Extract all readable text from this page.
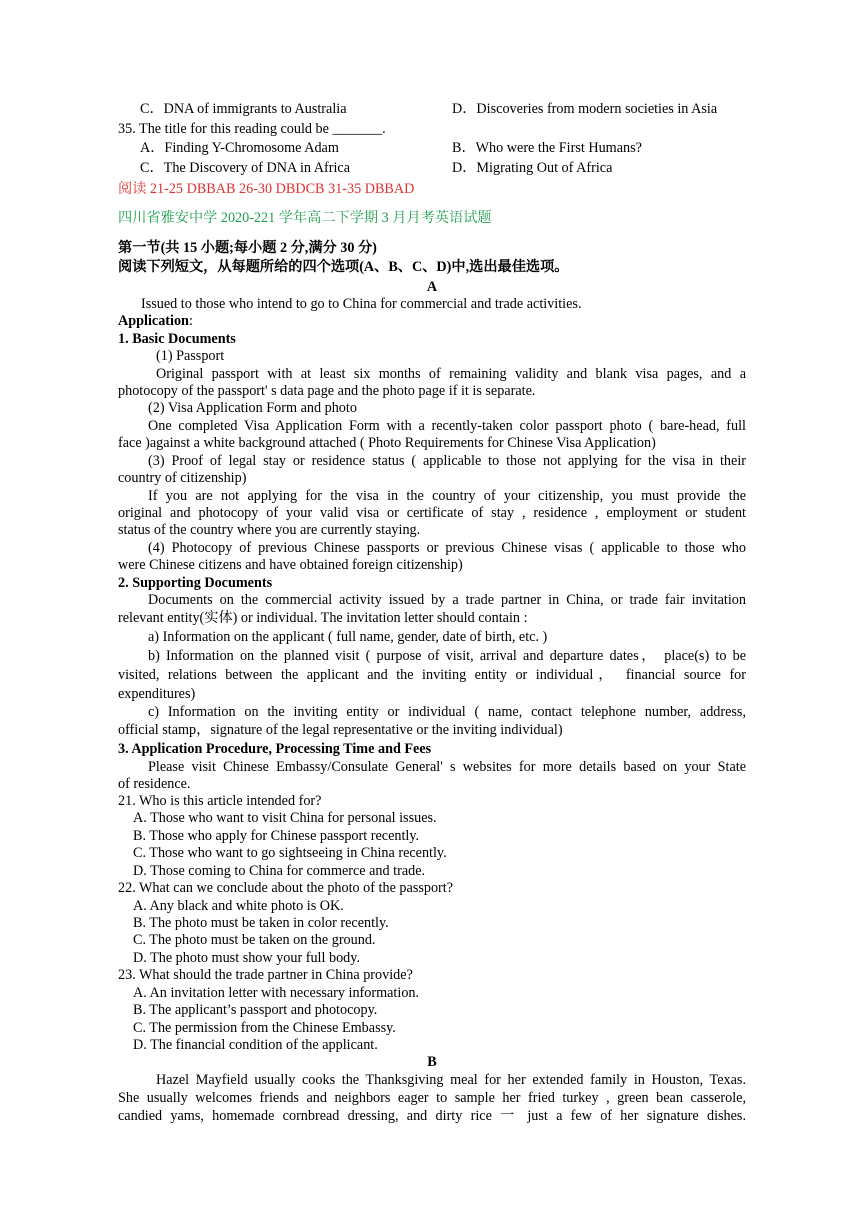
C．DNA of immigrants to Australia	D．Discoveries from modern societies in Asia
35. The title for this reading could be _______.
A．Finding Y-Chromosome Adam	B．Who were the First Humans?
C．The Discovery of DNA in Africa	D．Migrating Out of Africa
阅读 21-25 DBBAB 26-30 DBDCB 31-35 DBBAD
四川省雅安中学 2020-221 学年高二下学期 3 月月考英语试题
第一节(共 15 小题;每小题 2 分,满分 30 分)
阅读下列短文，从每题所给的四个选项(A、B、C、D)中,选出最佳选项。
A
Issued to those who intend to go to China for commercial and trade activities.
Application:
1. Basic Documents
(1) Passport
Original passport with at least six months of remaining validity and blank visa pages, and a
photocopy of the passport' s data page and the photo page if it is separate.
(2) Visa Application Form and photo
One completed Visa Application Form with a recently-taken color passport photo ( bare-head, full
face )against a white background attached ( Photo Requirements for Chinese Visa Application)
(3) Proof of legal stay or residence status ( applicable to those not applying for the visa in their
country of citizenship)
If you are not applying for the visa in the country of your citizenship, you must provide the
original and photocopy of your valid visa or certificate of stay , residence , employment or student
status of the country where you are currently staying.
(4) Photocopy of previous Chinese passports or previous Chinese visas ( applicable to those who
were Chinese citizens and have obtained foreign citizenship)
2. Supporting Documents
Documents on the commercial activity issued by a trade partner in China, or trade fair invitation
relevant entity(实体) or individual. The invitation letter should contain :
a) Information on the applicant ( full name, gender, date of birth, etc. )
b) Information on the planned visit ( purpose of visit, arrival and departure dates， place(s) to be
visited, relations between the applicant and the inviting entity or individual， financial source for
expenditures)
c) Information on the inviting entity or individual ( name, contact telephone number, address,
official stamp，signature of the legal representative or the inviting individual)
3. Application Procedure, Processing Time and Fees
Please visit Chinese Embassy/Consulate General' s websites for more details based on your State
of residence.
21. Who is this article intended for?
A. Those who want to visit China for personal issues.
B. Those who apply for Chinese passport recently.
C. Those who want to go sightseeing in China recently.
D. Those coming to China for commerce and trade.
22. What can we conclude about the photo of the passport?
A. Any black and white photo is OK.
B. The photo must be taken in color recently.
C. The photo must be taken on the ground.
D. The photo must show your full body.
23. What should the trade partner in China provide?
A. An invitation letter with necessary information.
B. The applicant’s passport and photocopy.
C. The permission from the Chinese Embassy.
D. The financial condition of the applicant.
B
Hazel Mayfield usually cooks the Thanksgiving meal for her extended family in Houston, Texas.
She usually welcomes friends and neighbors eager to sample her fried turkey , green bean casserole,
candied yams, homemade cornbread dressing, and dirty rice 一 just a few of her signature dishes.
